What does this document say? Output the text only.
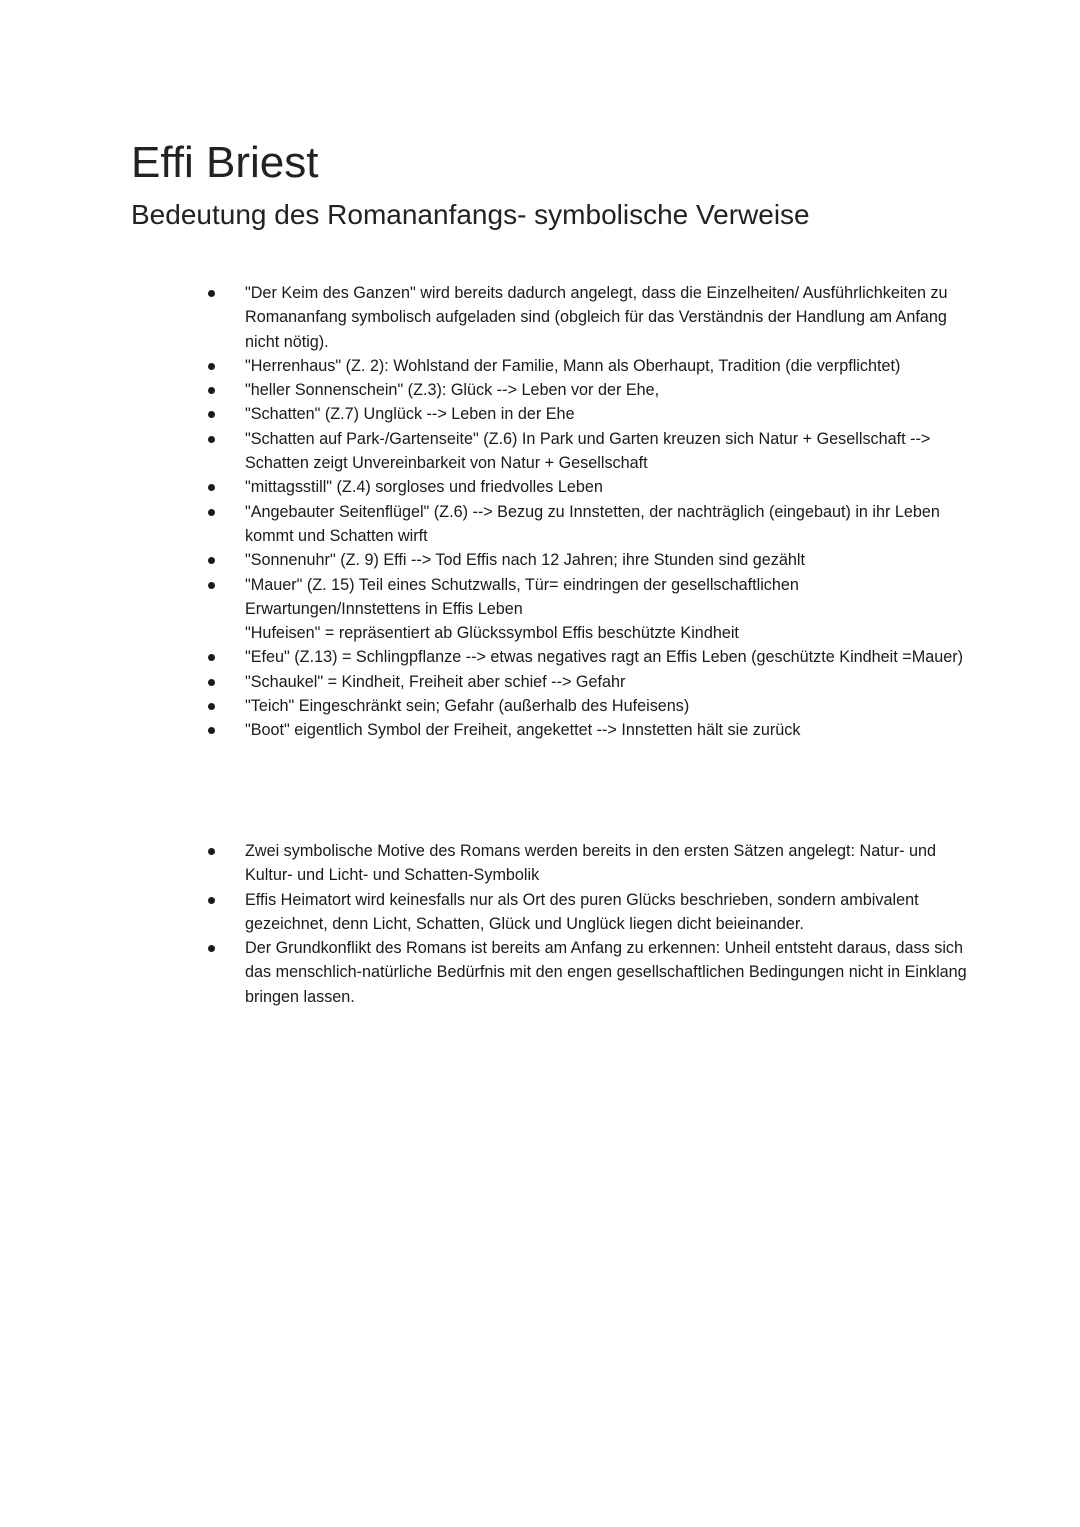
Effi Briest
Bedeutung des Romananfangs- symbolische Verweise
"Der Keim des Ganzen" wird bereits dadurch angelegt, dass die Einzelheiten/ Ausführlichkeiten zu Romananfang symbolisch aufgeladen sind (obgleich für das Verständnis der Handlung am Anfang nicht nötig).
"Herrenhaus" (Z. 2): Wohlstand der Familie, Mann als Oberhaupt, Tradition (die verpflichtet)
"heller Sonnenschein" (Z.3): Glück --> Leben vor der Ehe,
"Schatten" (Z.7) Unglück --> Leben in der Ehe
"Schatten auf Park-/Gartenseite" (Z.6) In Park und Garten kreuzen sich Natur + Gesellschaft --> Schatten zeigt Unvereinbarkeit von Natur + Gesellschaft
"mittagsstill" (Z.4) sorgloses und friedvolles Leben
"Angebauter Seitenflügel" (Z.6) --> Bezug zu Innstetten, der nachträglich (eingebaut) in ihr Leben kommt und Schatten wirft
"Sonnenuhr" (Z. 9) Effi --> Tod Effis nach 12 Jahren; ihre Stunden sind gezählt
"Mauer" (Z. 15) Teil eines Schutzwalls, Tür= eindringen der gesellschaftlichen Erwartungen/Innstettens in Effis Leben
"Hufeisen" = repräsentiert ab Glückssymbol Effis beschützte Kindheit
"Efeu" (Z.13) = Schlingpflanze --> etwas negatives ragt an Effis Leben (geschützte Kindheit =Mauer)
"Schaukel" = Kindheit, Freiheit aber schief --> Gefahr
"Teich" Eingeschränkt sein; Gefahr (außerhalb des Hufeisens)
"Boot" eigentlich Symbol der Freiheit, angekettet --> Innstetten hält sie zurück
Zwei symbolische Motive des Romans werden bereits in den ersten Sätzen angelegt: Natur- und Kultur- und Licht- und Schatten-Symbolik
Effis Heimatort wird keinesfalls nur als Ort des puren Glücks beschrieben, sondern ambivalent gezeichnet, denn Licht, Schatten, Glück und Unglück liegen dicht beieinander.
Der Grundkonflikt des Romans ist bereits am Anfang zu erkennen: Unheil entsteht daraus, dass sich das menschlich-natürliche Bedürfnis mit den engen gesellschaftlichen Bedingungen nicht in Einklang bringen lassen.
